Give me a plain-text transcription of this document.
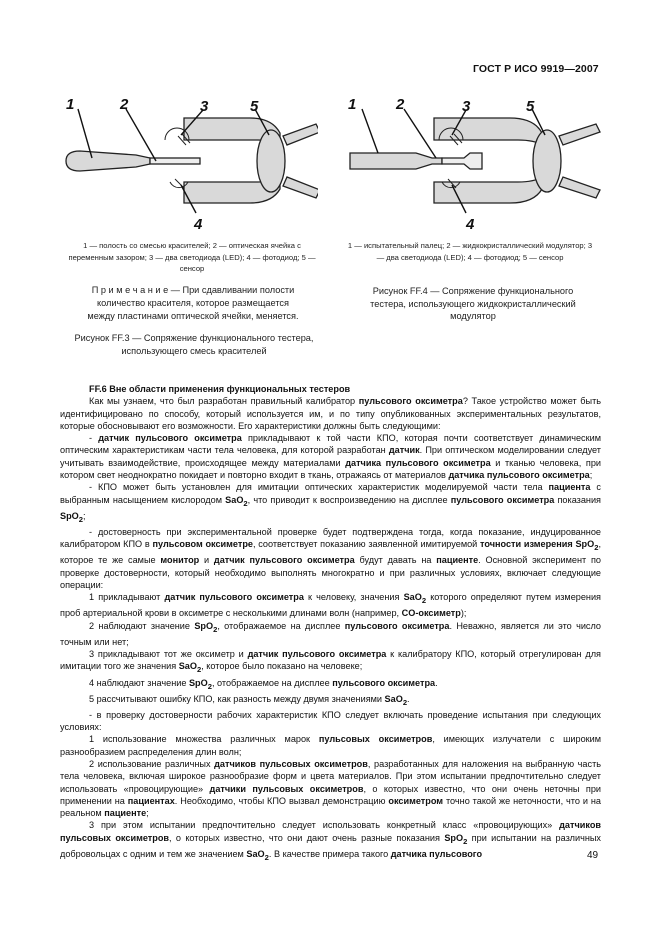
ГОСТ Р ИСО 9919—2007
1	2	3	5
4
1 — полость со смесью красителей; 2 — оптическая ячейка с переменным зазором; 3 — два светодиода (LED); 4 — фотодиод; 5 — сенсор
П р и м е ч а н и е — При сдавливании полости количество красителя, которое размещается между пластинами оптической ячейки, меняется.
Рисунок FF.3 — Сопряжение функционального тестера, использующего смесь красителей
1	2	3	5
4
1 — испытательный палец; 2 — жидкокристаллический модулятор; 3 — два светодиода (LED); 4 — фотодиод; 5 — сенсор
Рисунок FF.4 — Сопряжение функционального тестера, использующего жидкокристаллический модулятор

FF.6 Вне области применения функциональных тестеров

Как мы узнаем, что был разработан правильный калибратор пульсового оксиметра? Такое устройство может быть идентифицировано по способу, который используется им, и по типу опубликованных экспериментальных результатов, которые обосновывают его возможности. Его характеристики должны быть следующими:

- датчик пульсового оксиметра прикладывают к той части КПО, которая почти соответствует динамическим оптическим характеристикам части тела человека, для которой разработан датчик. При оптическом моделировании следует учитывать взаимодействие, происходящее между материалами датчика пульсового оксиметра и тканью человека, при котором свет неоднократно покидает и повторно входит в ткань, отражаясь от материалов датчика пульсового оксиметра;

- КПО может быть установлен для имитации оптических характеристик моделируемой части тела пациента с выбранным насыщением кислородом SaO$_2$, что приводит к воспроизведению на дисплее пульсового оксиметра показания SpO$_2$;

- достоверность при экспериментальной проверке будет подтверждена тогда, когда показание, индуцированное калибратором КПО в пульсовом оксиметре, соответствует показанию заявленной имитируемой точности измерения SpO$_2$, которое те же самые монитор и датчик пульсового оксиметра будут давать на пациенте. Основной эксперимент по проверке достоверности, который необходимо выполнять многократно и при различных условиях, включает следующие операции:

1 прикладывают датчик пульсового оксиметра к человеку, значения SaO$_2$ которого определяют путем измерения проб артериальной крови в оксиметре с несколькими длинами волн (например, CO-оксиметр);

2 наблюдают значение SpO$_2$, отображаемое на дисплее пульсового оксиметра. Неважно, является ли это число точным или нет;

3 прикладывают тот же оксиметр и датчик пульсового оксиметра к калибратору КПО, который отрегулирован для имитации того же значения SaO$_2$, которое было показано на человеке;

4 наблюдают значение SpO$_2$, отображаемое на дисплее пульсового оксиметра.

5 рассчитывают ошибку КПО, как разность между двумя значениями SaO$_2$.

- в проверку достоверности рабочих характеристик КПО следует включать проведение испытания при следующих условиях:

1 использование множества различных марок пульсовых оксиметров, имеющих излучатели с широким разнообразием распределения длин волн;

2 использование различных датчиков пульсовых оксиметров, разработанных для наложения на выбранную часть тела человека, включая широкое разнообразие форм и цвета материалов. При этом испытании предпочтительно следует использовать «провоцирующие» датчики пульсовых оксиметров, о которых известно, что они очень неточны при применении на пациентах. Необходимо, чтобы КПО вызвал демонстрацию оксиметром точно такой же неточности, что и на реальном пациенте;

3 при этом испытании предпочтительно следует использовать конкретный класс «провоцирующих» датчиков пульсовых оксиметров, о которых известно, что они дают очень разные показания SpO$_2$ при испытании на различных добровольцах с одним и тем же значением SaO$_2$. В качестве примера такого датчика пульсового	49
